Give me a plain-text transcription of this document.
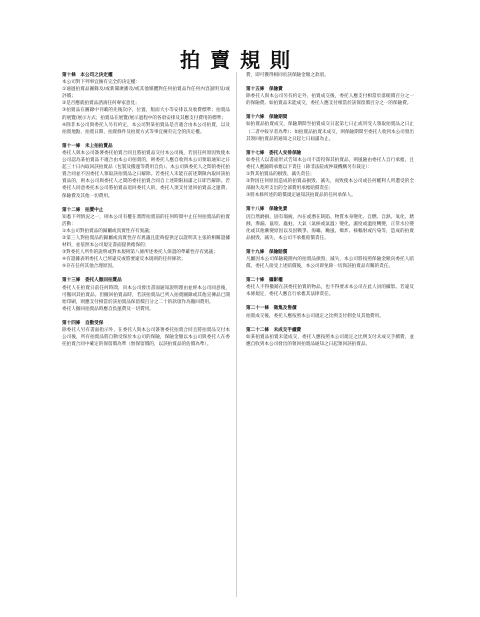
拍賣規則
第十條　本公司之決定權
本公司對下列事宜擁有完全的決定權：
①通過拍賣品圖錄及/或新聞廣播及/或其他媒體對任何拍賣品作任何內容說明及/或評價；
②是否應就拍賣品諮詢任何專家意見；
③拍賣品在圖錄中刊載的先後次序、位置、版面大小等安排以及收費標準；拍賣品的展覽/展示方式；拍賣品在展覽/展示過程中的各項安排及其應支付費用的標準；
④除非本公司與委托人另有約定，本公司對某拍賣品是否適合由本公司拍賣，以及拍賣地點、拍賣日期、拍賣條件及拍賣方式等事宜擁有完全的決定權。
第十一條　未上拍拍賣品
委托人與本公司簽署委托拍賣合同且將拍賣品交付本公司後，若因任何原因致使本公司認為某拍賣品不適合由本公司拍賣的，則委托人應自收到本公司領取通知之日起三十日內取回該拍賣品（包裝及搬運等費用自負）。本公司與委托人之間的委托拍賣合同並不因委托人領取該拍賣品之日解除。若委托人未能在前述期限內取回該拍賣品的，則本公司與委托人之間的委托拍賣合同自上述期限屆滿之日即告解除。若委托人同意委托本公司將拍賣品退回委托人的，委托人須支付退回拍賣品之運費、保險費及其他一切費用。
第十二條　拍賣中止
知悉下列情況之一，則本公司有權在實際拍賣前的任何時間中止任何拍賣品的拍賣活動：
①本公司對拍賣品的歸屬或真實性存有異議；
②第三人對拍賣品的歸屬或真實性存有異議且能夠提供足以證明其主張的相關證據材料，並依照本公司規定書面提供擔保的；
③對委托人所作的說明或對本規則第八條所述委托人保證的準確性存有異議；
④有證據表明委托人已經違反或將要違反本規則的任何條款；
⑤存在任何其他合理原因。
第十三條　委托人撤回拍賣品
委托人在拍賣日前任何時間，向本公司發出書面通知說明理由並經本公司同意後，可撤回其拍賣品。但撤回拍賣品時，若該拍賣品已列入拍賣圖錄或其他宣傳品已開始印刷，則應支付相當於該拍賣品保留價百分之二十的款項作為撤回費用。
委托人撤回拍賣品時應自負運費及一切費用。
第十四條　自動受保
除委托人另有書面指示外，在委托人與本公司簽署委托拍賣合同且將拍賣品交付本公司後，所有拍賣品將自動受保於本公司的保險，保險金額以本公司與委托人在委托拍賣合同中確定的保留價為準（無保留價的，以該拍賣品的估價為準）。
費，即可獲得相同於該保險金額之款項。
第十五條　保險費
除委托人與本公司另有約定外，拍賣成交後，委托人應支付相當於落槌價百分之一的保險費。如拍賣品未能成交，委托人應支付相當於該保留價百分之一的保險費。
第十六條　保險期間
如拍賣品拍賣成交，保險期間至拍賣成交日起第七日止或買受人領取拍賣品之日止（二者中較早者為準）；如拍賣品拍賣未成交，則保險期間至委托人收到本公司發出其領回拍賣品的通知之日起七日屆滿為止。
第十七條　委托人安排保險
如委托人以書面形式告知本公司不需投保其拍賣品，則風險由委托人自行承擔，且委托人應隨時承擔以下責任（除非法院或仲裁機構另有裁定）：
①對其拍賣品的損毀、滅失責任；
②對因任何原因造成的拍賣品損毀、滅失，而致使本公司或任何權利人所遭受的全部損失及所支出的全部費用承擔賠償責任；
③將本條所述的賠償規定通知該拍賣品的任何承保人。
第十八條　保險免責
因自然磨損、固有瑕疵、內在或潛在缺陷、物質本身變化、自燃、自熱、氧化、銹蝕、滲漏、鼠咬、蟲蛀、大氣（氣候或氣溫）變化、濕度或溫度轉變，正常水位變化或其他漸變原因以及因戰爭、海嘯、颱風、爆炸、核輻射或污染等，造成的拍賣品損毀、滅失，本公司不承擔賠償責任。
第十九條　保險賠償
凡屬因本公司保險範圍內的拍賣品損毀、滅失，本公司將按照保險金額向委托人賠償。委托人接受上述賠償後，本公司即免除一切與該拍賣品有關的責任。
第二十條　攝影權
委托人不得撤銷在該委托拍賣的物品，也不得要求本公司在此人員的攝影。若違反本條規定，委托人應自行承擔其法律責任。
第二十一條　徵集及售價
拍賣成交後，委托人應按照本公司規定之比例支付佣金及其他費用。
第二十二條　未成交手續費
如某拍賣品拍賣未能成交，委托人應按照本公司規定之比例支付未成交手續費，並應自收到本公司發出的領回拍賣品通知之日起領回該拍賣品。
